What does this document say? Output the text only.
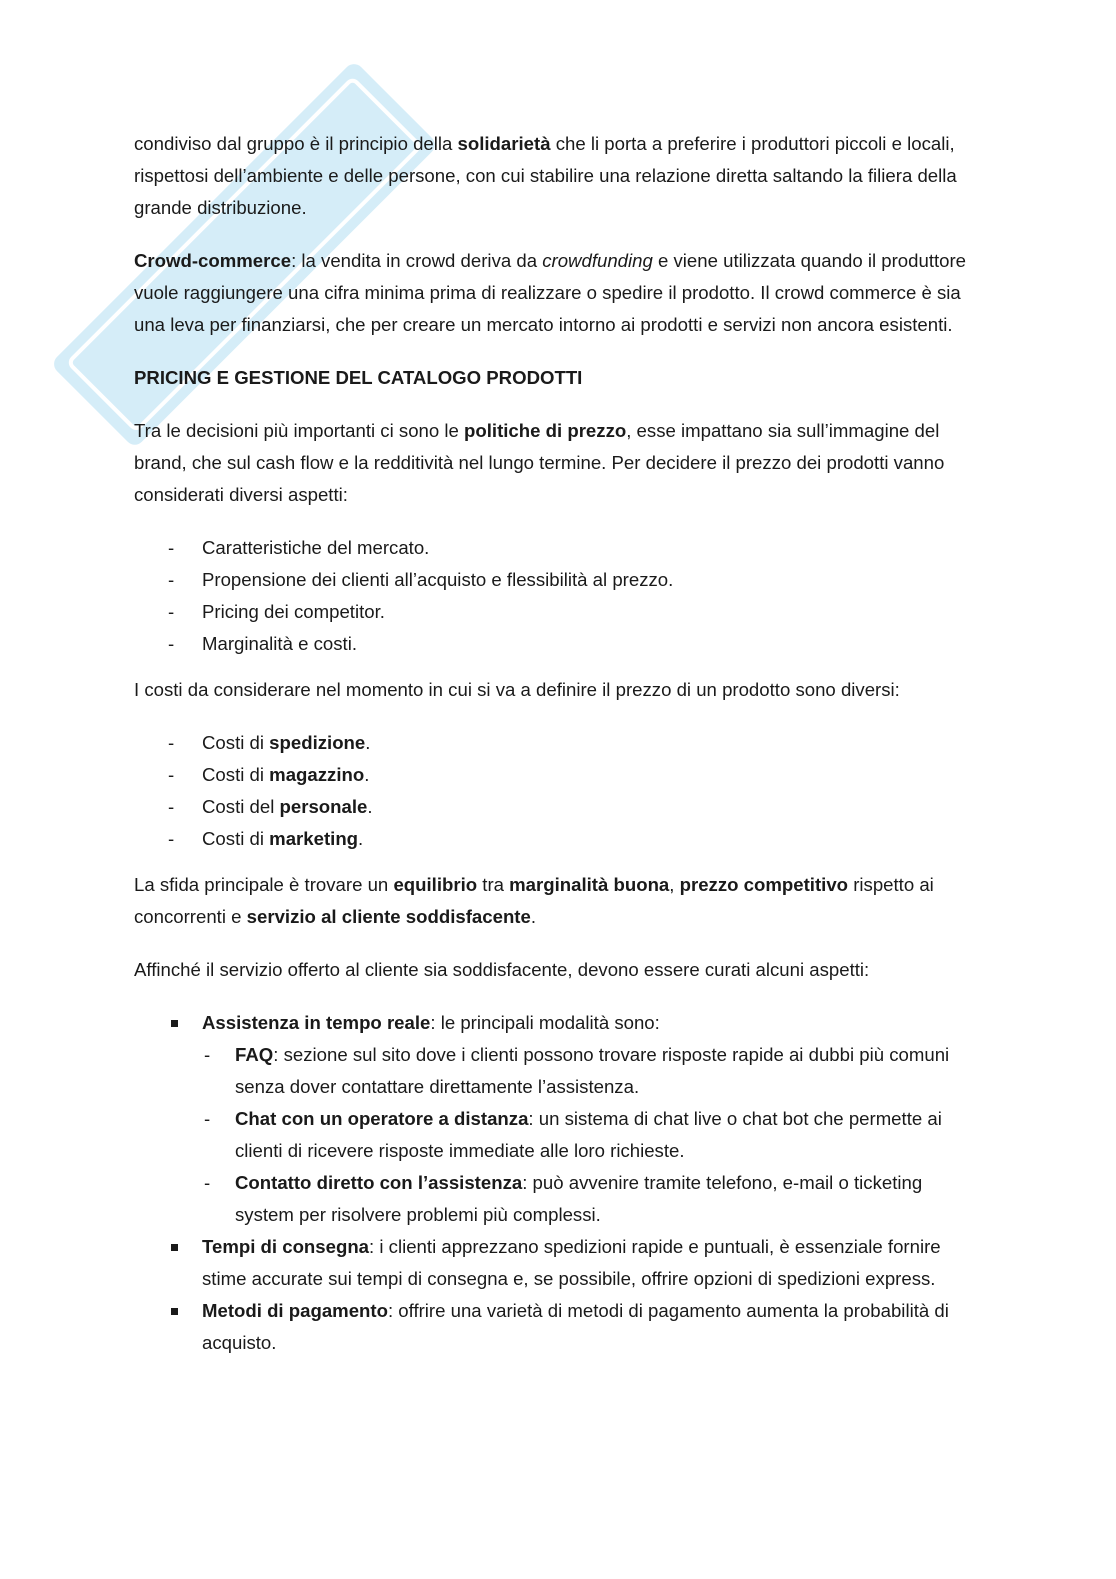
condiviso dal gruppo è il principio della solidarietà che li porta a preferire i produttori piccoli e locali, rispettosi dell’ambiente e delle persone, con cui stabilire una relazione diretta saltando la filiera della grande distribuzione.

Crowd-commerce: la vendita in crowd deriva da crowdfunding e viene utilizzata quando il produttore vuole raggiungere una cifra minima prima di realizzare o spedire il prodotto. Il crowd commerce è sia una leva per finanziarsi, che per creare un mercato intorno ai prodotti e servizi non ancora esistenti.

PRICING E GESTIONE DEL CATALOGO PRODOTTI

Tra le decisioni più importanti ci sono le politiche di prezzo, esse impattano sia sull’immagine del brand, che sul cash flow e la redditività nel lungo termine. Per decidere il prezzo dei prodotti vanno considerati diversi aspetti:

- Caratteristiche del mercato.
- Propensione dei clienti all’acquisto e flessibilità al prezzo.
- Pricing dei competitor.
- Marginalità e costi.

I costi da considerare nel momento in cui si va a definire il prezzo di un prodotto sono diversi:

- Costi di spedizione.
- Costi di magazzino.
- Costi del personale.
- Costi di marketing.

La sfida principale è trovare un equilibrio tra marginalità buona, prezzo competitivo rispetto ai concorrenti e servizio al cliente soddisfacente.

Affinché il servizio offerto al cliente sia soddisfacente, devono essere curati alcuni aspetti:

Assistenza in tempo reale: le principali modalità sono:
- FAQ: sezione sul sito dove i clienti possono trovare risposte rapide ai dubbi più comuni senza dover contattare direttamente l’assistenza.
- Chat con un operatore a distanza: un sistema di chat live o chat bot che permette ai clienti di ricevere risposte immediate alle loro richieste.
- Contatto diretto con l’assistenza: può avvenire tramite telefono, e-mail o ticketing system per risolvere problemi più complessi.
Tempi di consegna: i clienti apprezzano spedizioni rapide e puntuali, è essenziale fornire stime accurate sui tempi di consegna e, se possibile, offrire opzioni di spedizioni express.
Metodi di pagamento: offrire una varietà di metodi di pagamento aumenta la probabilità di acquisto.
